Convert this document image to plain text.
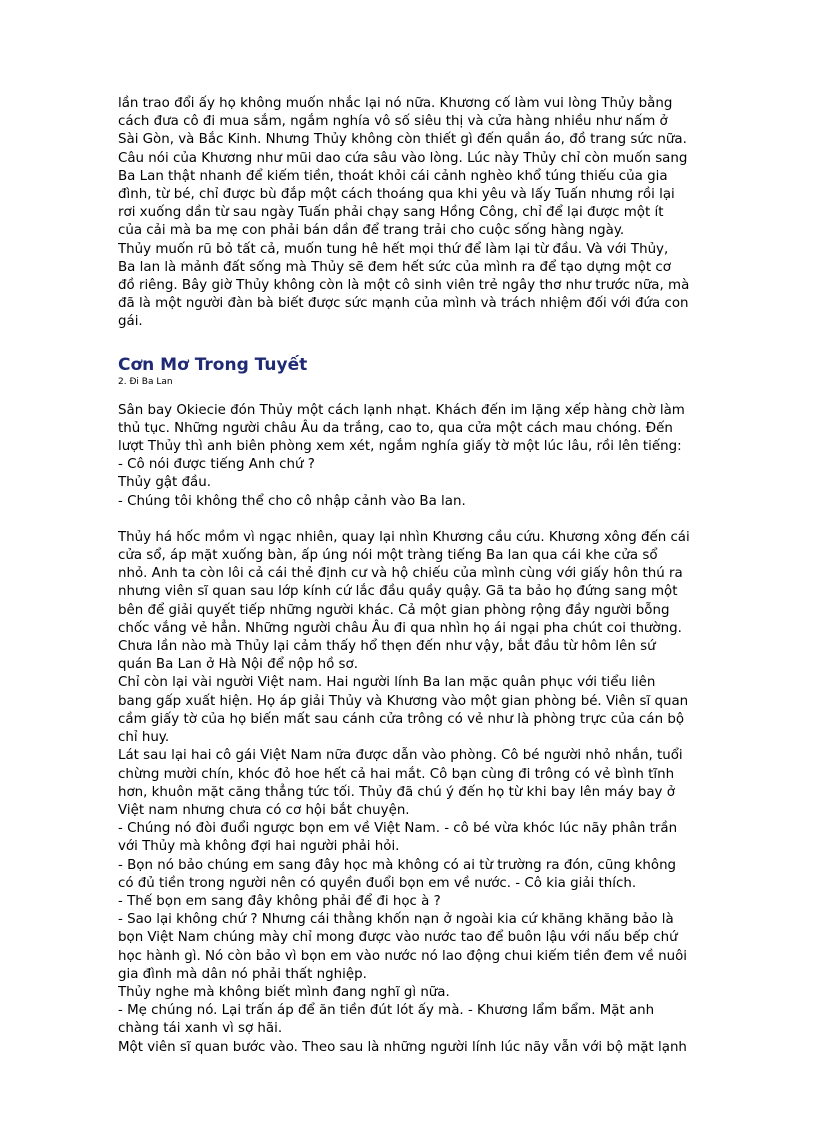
lần trao đổi ấy họ không muốn nhắc lại nó nữa. Khương cố làm vui lòng Thủy bằng
cách đưa cô đi mua sắm, ngắm nghía vô số siêu thị và cửa hàng nhiều như nấm ở
Sài Gòn, và Bắc Kinh. Nhưng Thủy không còn thiết gì đến quần áo, đồ trang sức nữa.
Câu nói của Khương như mũi dao cứa sâu vào lòng. Lúc này Thủy chỉ còn muốn sang
Ba Lan thật nhanh để kiếm tiền, thoát khỏi cái cảnh nghèo khổ túng thiếu của gia
đình, từ bé, chỉ được bù đắp một cách thoáng qua khi yêu và lấy Tuấn nhưng rồi lại
rơi xuống dần từ sau ngày Tuấn phải chạy sang Hồng Công, chỉ để lại được một ít
của cải mà ba mẹ con phải bán dần để trang trải cho cuộc sống hàng ngày.
Thủy muốn rũ bỏ tất cả, muốn tung hê hết mọi thứ để làm lại từ đầu. Và với Thủy,
Ba lan là mảnh đất sống mà Thủy sẽ đem hết sức của mình ra để tạo dựng một cơ
đồ riêng. Bây giờ Thủy không còn là một cô sinh viên trẻ ngây thơ như trước nữa, mà
đã là một người đàn bà biết được sức mạnh của mình và trách nhiệm đối với đứa con
gái.
Cơn Mơ Trong Tuyết
2. Đi Ba Lan
Sân bay Okiecie đón Thủy một cách lạnh nhạt. Khách đến im lặng xếp hàng chờ làm
thủ tục. Những người châu Âu da trắng, cao to, qua cửa một cách mau chóng. Đến
lượt Thủy thì anh biên phòng xem xét, ngắm nghía giấy tờ một lúc lâu, rồi lên tiếng:
- Cô nói được tiếng Anh chứ ?
Thủy gật đầu.
- Chúng tôi không thể cho cô nhập cảnh vào Ba lan.
Thủy há hốc mồm vì ngạc nhiên, quay lại nhìn Khương cầu cứu. Khương xông đến cái
cửa sổ, áp mặt xuống bàn, ấp úng nói một tràng tiếng Ba lan qua cái khe cửa sổ
nhỏ. Anh ta còn lôi cả cái thẻ định cư và hộ chiếu của mình cùng với giấy hôn thú ra
nhưng viên sĩ quan sau lớp kính cứ lắc đầu quầy quậy. Gã ta bảo họ đứng sang một
bên để giải quyết tiếp những người khác. Cả một gian phòng rộng đầy người bỗng
chốc vắng vẻ hẳn. Những người châu Âu đi qua nhìn họ ái ngại pha chút coi thường.
Chưa lần nào mà Thủy lại cảm thấy hổ thẹn đến như vậy, bắt đầu từ hôm lên sứ
quán Ba Lan ở Hà Nội để nộp hồ sơ.
Chỉ còn lại vài người Việt nam. Hai người lính Ba lan mặc quân phục với tiểu liên
bang gấp xuất hiện. Họ áp giải Thủy và Khương vào một gian phòng bé. Viên sĩ quan
cầm giấy tờ của họ biến mất sau cánh cửa trông có vẻ như là phòng trực của cán bộ
chỉ huy.
Lát sau lại hai cô gái Việt Nam nữa được dẫn vào phòng. Cô bé người nhỏ nhắn, tuổi
chừng mười chín, khóc đỏ hoe hết cả hai mắt. Cô bạn cùng đi trông có vẻ bình tĩnh
hơn, khuôn mặt căng thẳng tức tối. Thủy đã chú ý đến họ từ khi bay lên máy bay ở
Việt nam nhưng chưa có cơ hội bắt chuyện.
- Chúng nó đòi đuổi ngược bọn em về Việt Nam. - cô bé vừa khóc lúc nãy phân trần
với Thủy mà không đợi hai người phải hỏi.
- Bọn nó bảo chúng em sang đây học mà không có ai từ trường ra đón, cũng không
có đủ tiền trong người nên có quyền đuổi bọn em về nước. - Cô kia giải thích.
- Thế bọn em sang đây không phải để đi học à ?
- Sao lại không chứ ? Nhưng cái thằng khốn nạn ở ngoài kia cứ khăng khăng bảo là
bọn Việt Nam chúng mày chỉ mong được vào nước tao để buôn lậu với nấu bếp chứ
học hành gì. Nó còn bảo vì bọn em vào nước nó lao động chui kiếm tiền đem về nuôi
gia đình mà dân nó phải thất nghiệp.
Thủy nghe mà không biết mình đang nghĩ gì nữa.
- Mẹ chúng nó. Lại trấn áp để ăn tiền đút lót ấy mà. - Khương lẩm bẩm. Mặt anh
chàng tái xanh vì sợ hãi.
Một viên sĩ quan bước vào. Theo sau là những người lính lúc nãy vẫn với bộ mặt lạnh
